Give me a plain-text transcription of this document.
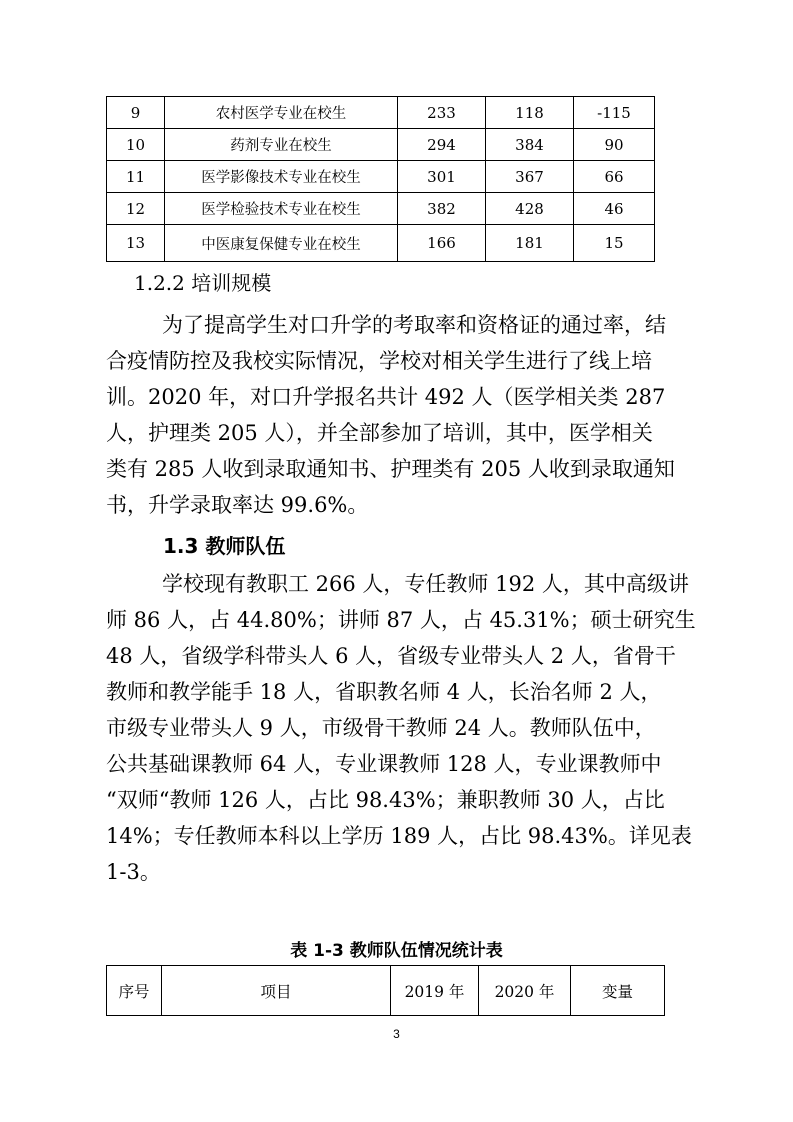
9	农村医学专业在校生	233	118	-115
10	药剂专业在校生	294	384	90
11	医学影像技术专业在校生	301	367	66
12	医学检验技术专业在校生	382	428	46
13	中医康复保健专业在校生	166	181	15

1.2.2 培训规模

为了提高学生对口升学的考取率和资格证的通过率，结
合疫情防控及我校实际情况，学校对相关学生进行了线上培
训。2020 年，对口升学报名共计 492 人（医学相关类 287
人，护理类 205 人），并全部参加了培训，其中，医学相关
类有 285 人收到录取通知书、护理类有 205 人收到录取通知
书，升学录取率达 99.6%。

1.3 教师队伍

学校现有教职工 266 人，专任教师 192 人，其中高级讲
师 86 人，占 44.80%；讲师 87 人，占 45.31%；硕士研究生
48 人，省级学科带头人 6 人，省级专业带头人 2 人，省骨干
教师和教学能手 18 人，省职教名师 4 人，长治名师 2 人，
市级专业带头人 9 人，市级骨干教师 24 人。教师队伍中，
公共基础课教师 64 人，专业课教师 128 人，专业课教师中
“双师“教师 126 人，占比 98.43%；兼职教师 30 人，占比
14%；专任教师本科以上学历 189 人，占比 98.43%。详见表
1-3。

表 1-3 教师队伍情况统计表

序号	项目	2019 年	2020 年	变量

3
